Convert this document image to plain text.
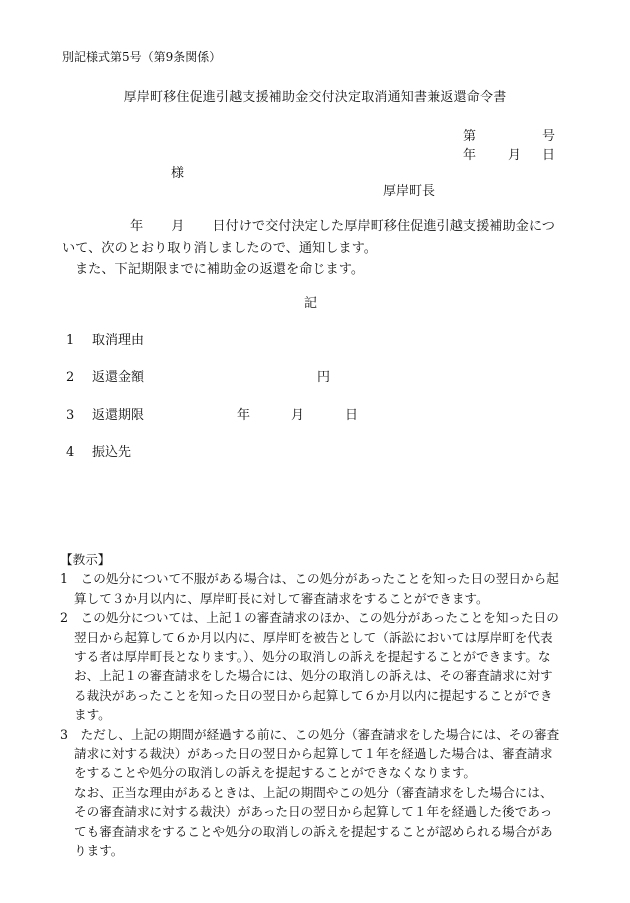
別記様式第5号（第9条関係）
厚岸町移住促進引越支援補助金交付決定取消通知書兼返還命令書
第	号
年 月 日
様
厚岸町長

年 月 日付けで交付決定した厚岸町移住促進引越支援補助金につ

いて、次のとおり取り消しましたので、通知します。

また、下記期限までに補助金の返還を命じます。

記
1 取消理由
2 返還金額	円
3 返還期限	年	月	日
4 振込先

【教示】

1　この処分について不服がある場合は、この処分があったことを知った日の翌日から起算して３か月以内に、厚岸町長に対して審査請求をすることができます。

2　この処分については、上記１の審査請求のほか、この処分があったことを知った日の翌日から起算して６か月以内に、厚岸町を被告として（訴訟においては厚岸町を代表する者は厚岸町長となります。）、処分の取消しの訴えを提起することができます。なお、上記１の審査請求をした場合には、処分の取消しの訴えは、その審査請求に対する裁決があったことを知った日の翌日から起算して６か月以内に提起することができます。

3　ただし、上記の期間が経過する前に、この処分（審査請求をした場合には、その審査請求に対する裁決）があった日の翌日から起算して１年を経過した場合は、審査請求をすることや処分の取消しの訴えを提起することができなくなります。

なお、正当な理由があるときは、上記の期間やこの処分（審査請求をした場合には、その審査請求に対する裁決）があった日の翌日から起算して１年を経過した後であっても審査請求をすることや処分の取消しの訴えを提起することが認められる場合があります。
